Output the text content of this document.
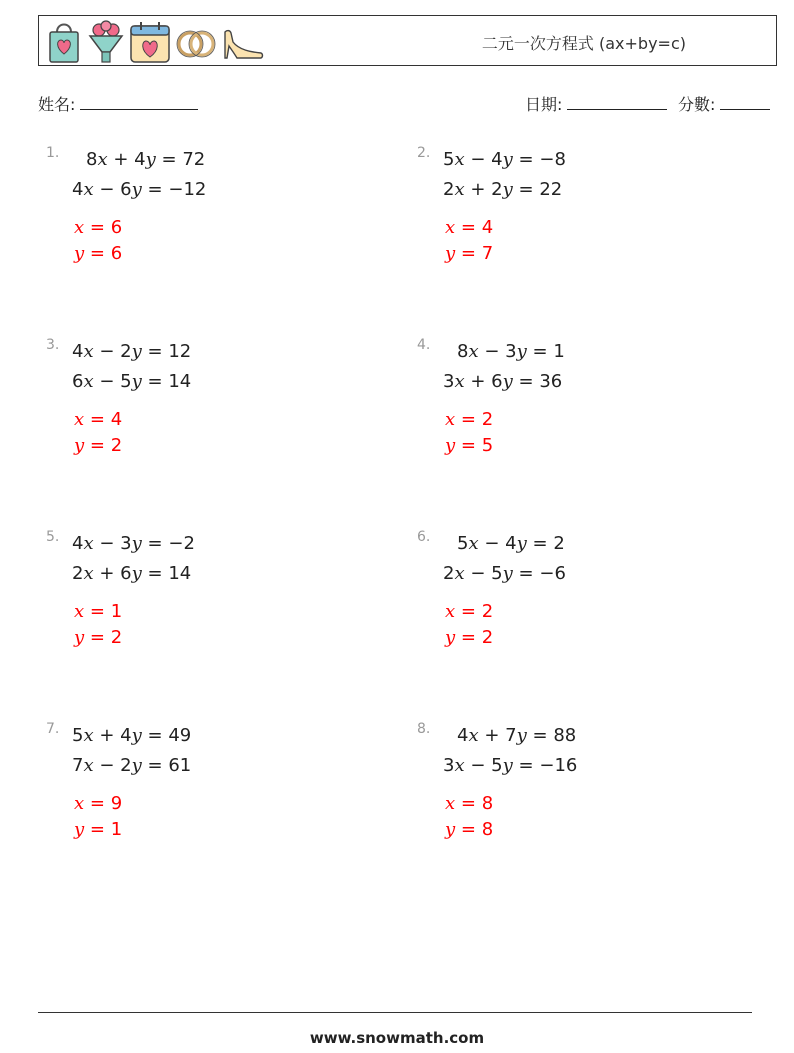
二元一次方程式 (ax+by=c)
姓名:	日期:	分數:
1. 8x + 4y = 72
4x − 6y = −12
x = 6
y = 6
2. 5x − 4y = −8
2x + 2y = 22
x = 4
y = 7
3. 4x − 2y = 12
6x − 5y = 14
x = 4
y = 2
4. 8x − 3y = 1
3x + 6y = 36
x = 2
y = 5
5. 4x − 3y = −2
2x + 6y = 14
x = 1
y = 2
6. 5x − 4y = 2
2x − 5y = −6
x = 2
y = 2
7. 5x + 4y = 49
7x − 2y = 61
x = 9
y = 1
8. 4x + 7y = 88
3x − 5y = −16
x = 8
y = 8
www.snowmath.com
